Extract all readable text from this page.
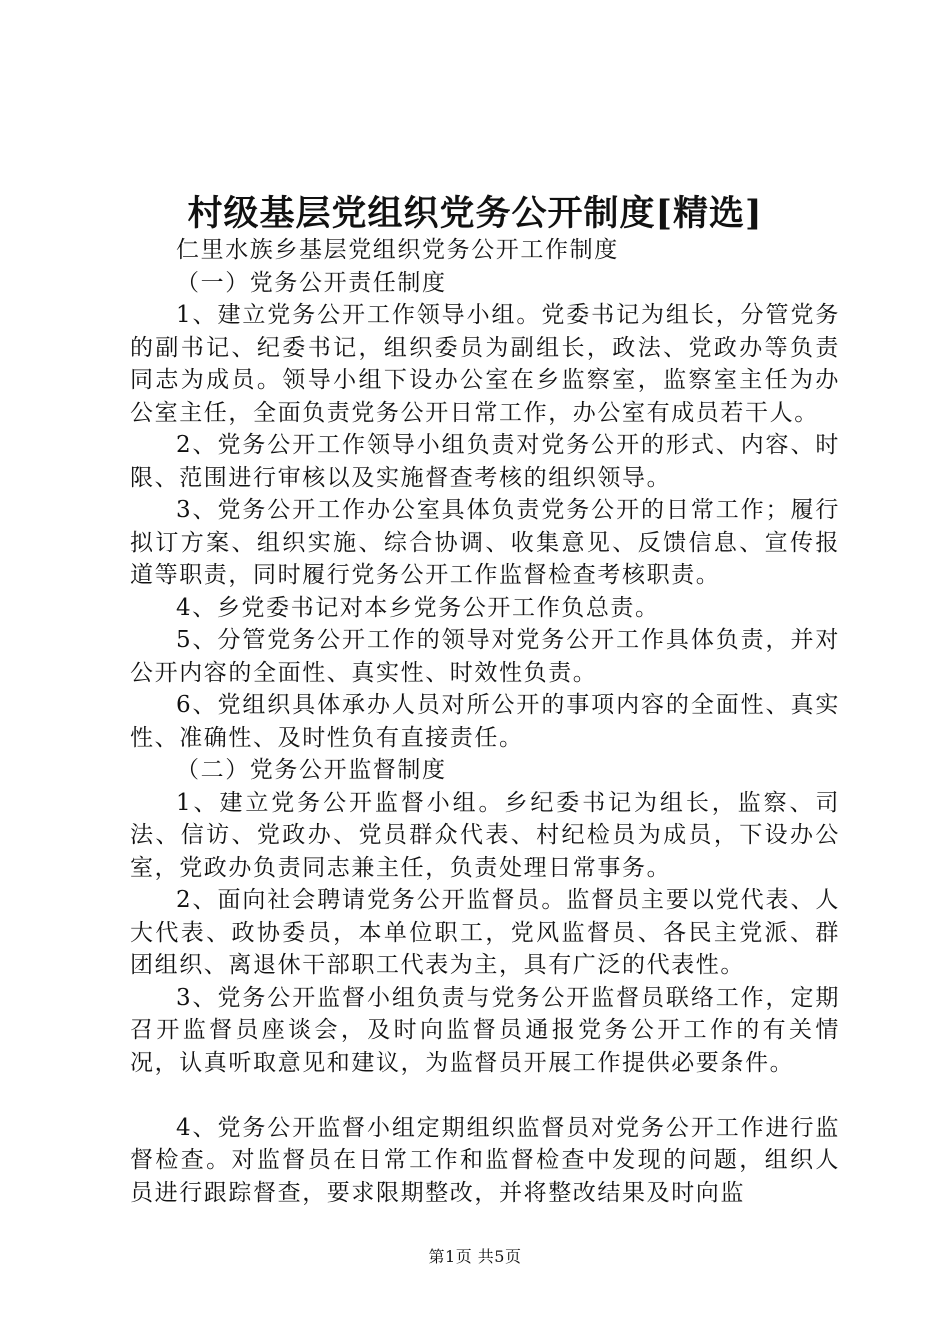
村级基层党组织党务公开制度[精选]

仁里水族乡基层党组织党务公开工作制度

（一）党务公开责任制度

1、建立党务公开工作领导小组。党委书记为组长，分管党务的副书记、纪委书记，组织委员为副组长，政法、党政办等负责同志为成员。领导小组下设办公室在乡监察室，监察室主任为办公室主任，全面负责党务公开日常工作，办公室有成员若干人。

2、党务公开工作领导小组负责对党务公开的形式、内容、时限、范围进行审核以及实施督查考核的组织领导。

3、党务公开工作办公室具体负责党务公开的日常工作；履行拟订方案、组织实施、综合协调、收集意见、反馈信息、宣传报道等职责，同时履行党务公开工作监督检查考核职责。

4、乡党委书记对本乡党务公开工作负总责。

5、分管党务公开工作的领导对党务公开工作具体负责，并对公开内容的全面性、真实性、时效性负责。

6、党组织具体承办人员对所公开的事项内容的全面性、真实性、准确性、及时性负有直接责任。

（二）党务公开监督制度

1、建立党务公开监督小组。乡纪委书记为组长，监察、司法、信访、党政办、党员群众代表、村纪检员为成员，下设办公室，党政办负责同志兼主任，负责处理日常事务。

2、面向社会聘请党务公开监督员。监督员主要以党代表、人大代表、政协委员，本单位职工，党风监督员、各民主党派、群团组织、离退休干部职工代表为主，具有广泛的代表性。

3、党务公开监督小组负责与党务公开监督员联络工作，定期召开监督员座谈会，及时向监督员通报党务公开工作的有关情况，认真听取意见和建议，为监督员开展工作提供必要条件。

4、党务公开监督小组定期组织监督员对党务公开工作进行监督检查。对监督员在日常工作和监督检查中发现的问题，组织人员进行跟踪督查，要求限期整改，并将整改结果及时向监

第1页 共5页
